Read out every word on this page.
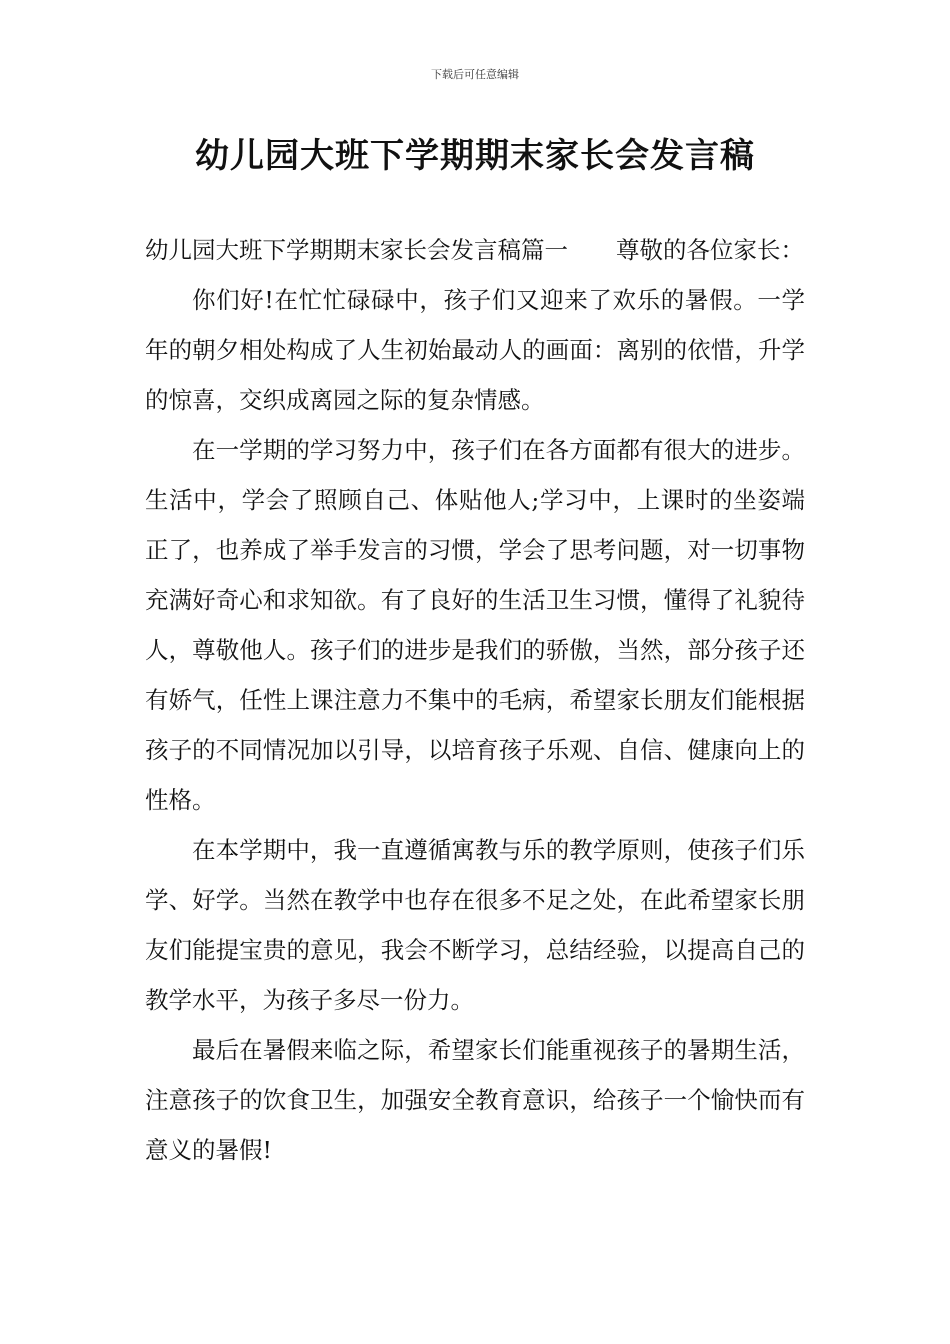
下载后可任意编辑
幼儿园大班下学期期末家长会发言稿

幼儿园大班下学期期末家长会发言稿篇一 尊敬的各位家长：

你们好!在忙忙碌碌中，孩子们又迎来了欢乐的暑假。一学年的朝夕相处构成了人生初始最动人的画面：离别的依惜，升学的惊喜，交织成离园之际的复杂情感。

在一学期的学习努力中，孩子们在各方面都有很大的进步。生活中，学会了照顾自己、体贴他人;学习中，上课时的坐姿端正了，也养成了举手发言的习惯，学会了思考问题，对一切事物充满好奇心和求知欲。有了良好的生活卫生习惯，懂得了礼貌待人，尊敬他人。孩子们的进步是我们的骄傲，当然，部分孩子还有娇气，任性上课注意力不集中的毛病，希望家长朋友们能根据孩子的不同情况加以引导，以培育孩子乐观、自信、健康向上的性格。

在本学期中，我一直遵循寓教与乐的教学原则，使孩子们乐学、好学。当然在教学中也存在很多不足之处，在此希望家长朋友们能提宝贵的意见，我会不断学习，总结经验，以提高自己的教学水平，为孩子多尽一份力。

最后在暑假来临之际，希望家长们能重视孩子的暑期生活，注意孩子的饮食卫生，加强安全教育意识，给孩子一个愉快而有意义的暑假!
